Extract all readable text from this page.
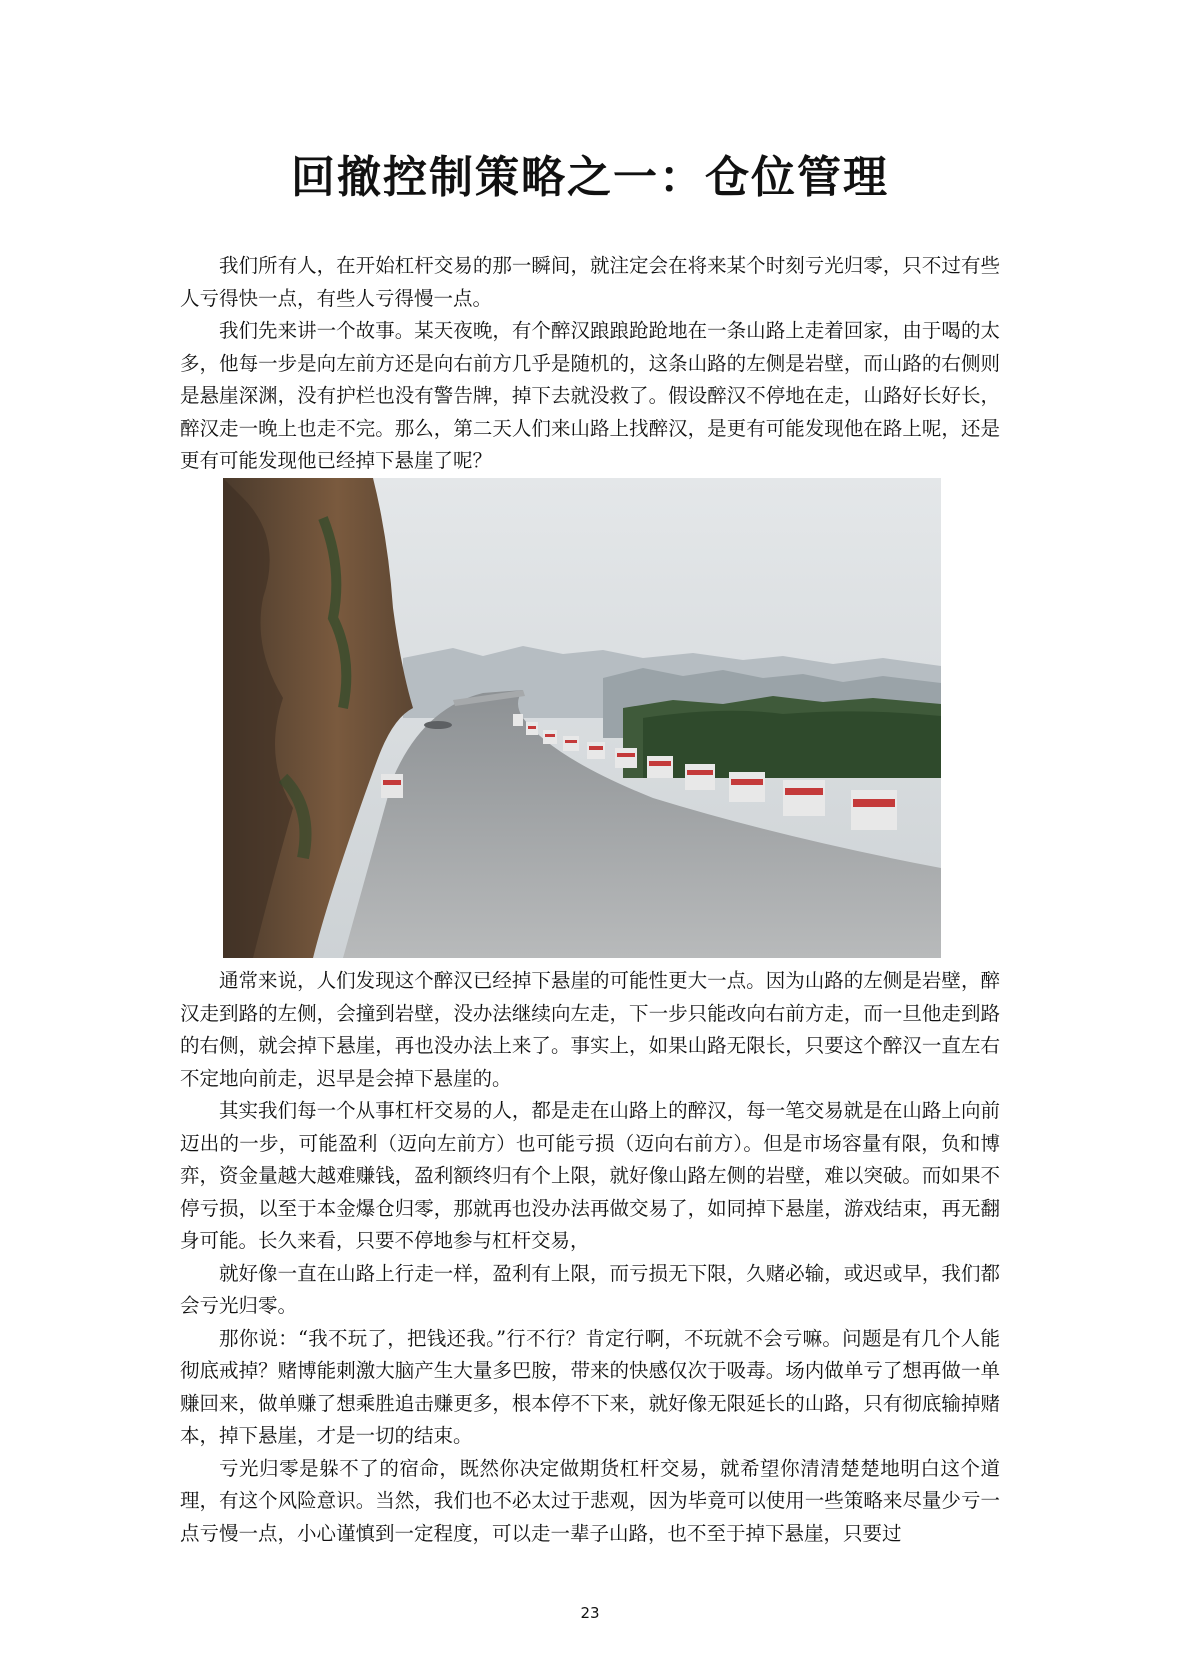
回撤控制策略之一：仓位管理

我们所有人，在开始杠杆交易的那一瞬间，就注定会在将来某个时刻亏光归零，只不过有些人亏得快一点，有些人亏得慢一点。

我们先来讲一个故事。某天夜晚，有个醉汉踉踉跄跄地在一条山路上走着回家，由于喝的太多，他每一步是向左前方还是向右前方几乎是随机的，这条山路的左侧是岩壁，而山路的右侧则是悬崖深渊，没有护栏也没有警告牌，掉下去就没救了。假设醉汉不停地在走，山路好长好长，醉汉走一晚上也走不完。那么，第二天人们来山路上找醉汉，是更有可能发现他在路上呢，还是更有可能发现他已经掉下悬崖了呢？

通常来说，人们发现这个醉汉已经掉下悬崖的可能性更大一点。因为山路的左侧是岩壁，醉汉走到路的左侧，会撞到岩壁，没办法继续向左走，下一步只能改向右前方走，而一旦他走到路的右侧，就会掉下悬崖，再也没办法上来了。事实上，如果山路无限长，只要这个醉汉一直左右不定地向前走，迟早是会掉下悬崖的。

其实我们每一个从事杠杆交易的人，都是走在山路上的醉汉，每一笔交易就是在山路上向前迈出的一步，可能盈利（迈向左前方）也可能亏损（迈向右前方）。但是市场容量有限，负和博弈，资金量越大越难赚钱，盈利额终归有个上限，就好像山路左侧的岩壁，难以突破。而如果不停亏损，以至于本金爆仓归零，那就再也没办法再做交易了，如同掉下悬崖，游戏结束，再无翻身可能。长久来看，只要不停地参与杠杆交易，

就好像一直在山路上行走一样，盈利有上限，而亏损无下限，久赌必输，或迟或早，我们都会亏光归零。

那你说：“我不玩了，把钱还我。”行不行？肯定行啊，不玩就不会亏嘛。问题是有几个人能彻底戒掉？赌博能刺激大脑产生大量多巴胺，带来的快感仅次于吸毒。场内做单亏了想再做一单赚回来，做单赚了想乘胜追击赚更多，根本停不下来，就好像无限延长的山路，只有彻底输掉赌本，掉下悬崖，才是一切的结束。

亏光归零是躲不了的宿命，既然你决定做期货杠杆交易，就希望你清清楚楚地明白这个道理，有这个风险意识。当然，我们也不必太过于悲观，因为毕竟可以使用一些策略来尽量少亏一点亏慢一点，小心谨慎到一定程度，可以走一辈子山路，也不至于掉下悬崖，只要过

23
